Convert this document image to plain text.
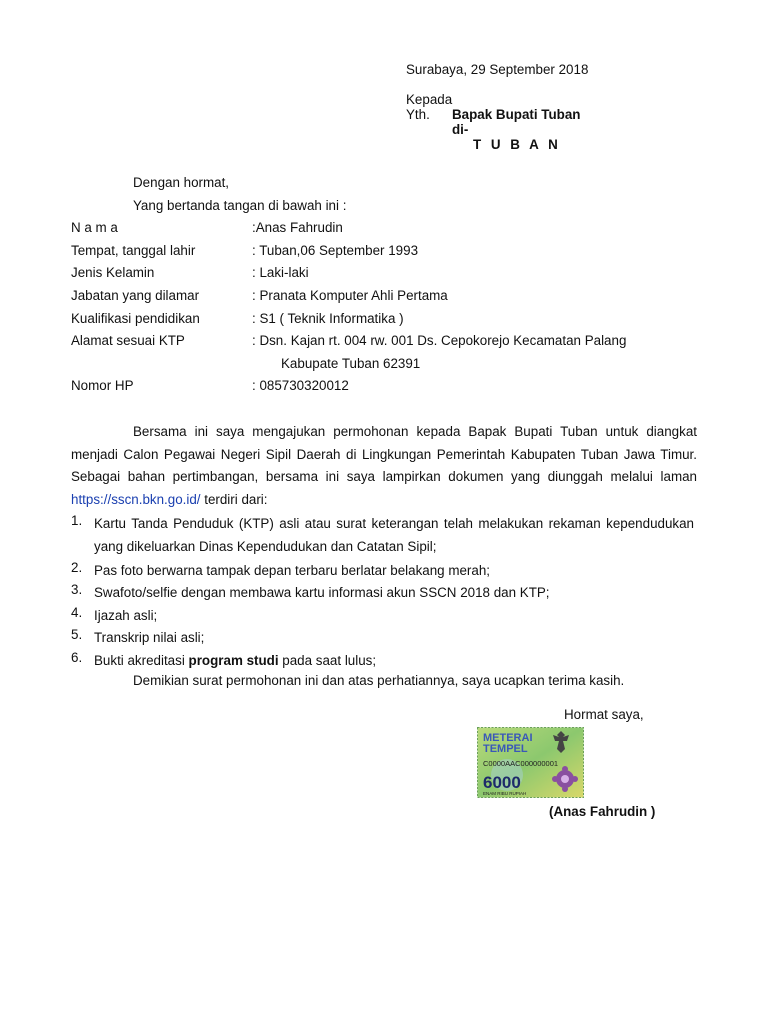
Surabaya, 29 September 2018
Kepada
Yth. Bapak Bupati Tuban
di-
T U B A N
Dengan hormat,
Yang bertanda tangan di bawah ini :
N a m a	:Anas Fahrudin
Tempat, tanggal lahir	: Tuban,06 September 1993
Jenis Kelamin	: Laki-laki
Jabatan yang dilamar	: Pranata Komputer Ahli Pertama
Kualifikasi pendidikan	: S1 ( Teknik Informatika )
Alamat sesuai KTP	: Dsn. Kajan rt. 004 rw. 001 Ds. Cepokorejo Kecamatan Palang
Kabupate Tuban 62391
Nomor HP	: 085730320012
Bersama ini saya mengajukan permohonan kepada Bapak Bupati Tuban untuk diangkat menjadi Calon Pegawai Negeri Sipil Daerah di Lingkungan Pemerintah Kabupaten Tuban Jawa Timur. Sebagai bahan pertimbangan, bersama ini saya lampirkan dokumen yang diunggah melalui laman https://sscn.bkn.go.id/ terdiri dari:
1. Kartu Tanda Penduduk (KTP) asli atau surat keterangan telah melakukan rekaman kependudukan yang dikeluarkan Dinas Kependudukan dan Catatan Sipil;
2. Pas foto berwarna tampak depan terbaru berlatar belakang merah;
3. Swafoto/selfie dengan membawa kartu informasi akun SSCN 2018 dan KTP;
4. Ijazah asli;
5. Transkrip nilai asli;
6. Bukti akreditasi program studi pada saat lulus;
Demikian surat permohonan ini dan atas perhatiannya, saya ucapkan terima kasih.
Hormat saya,
METERAI
TEMPEL
C0000AAC000000001
6000
ENAM RIBU RUPIAH
(Anas Fahrudin )
